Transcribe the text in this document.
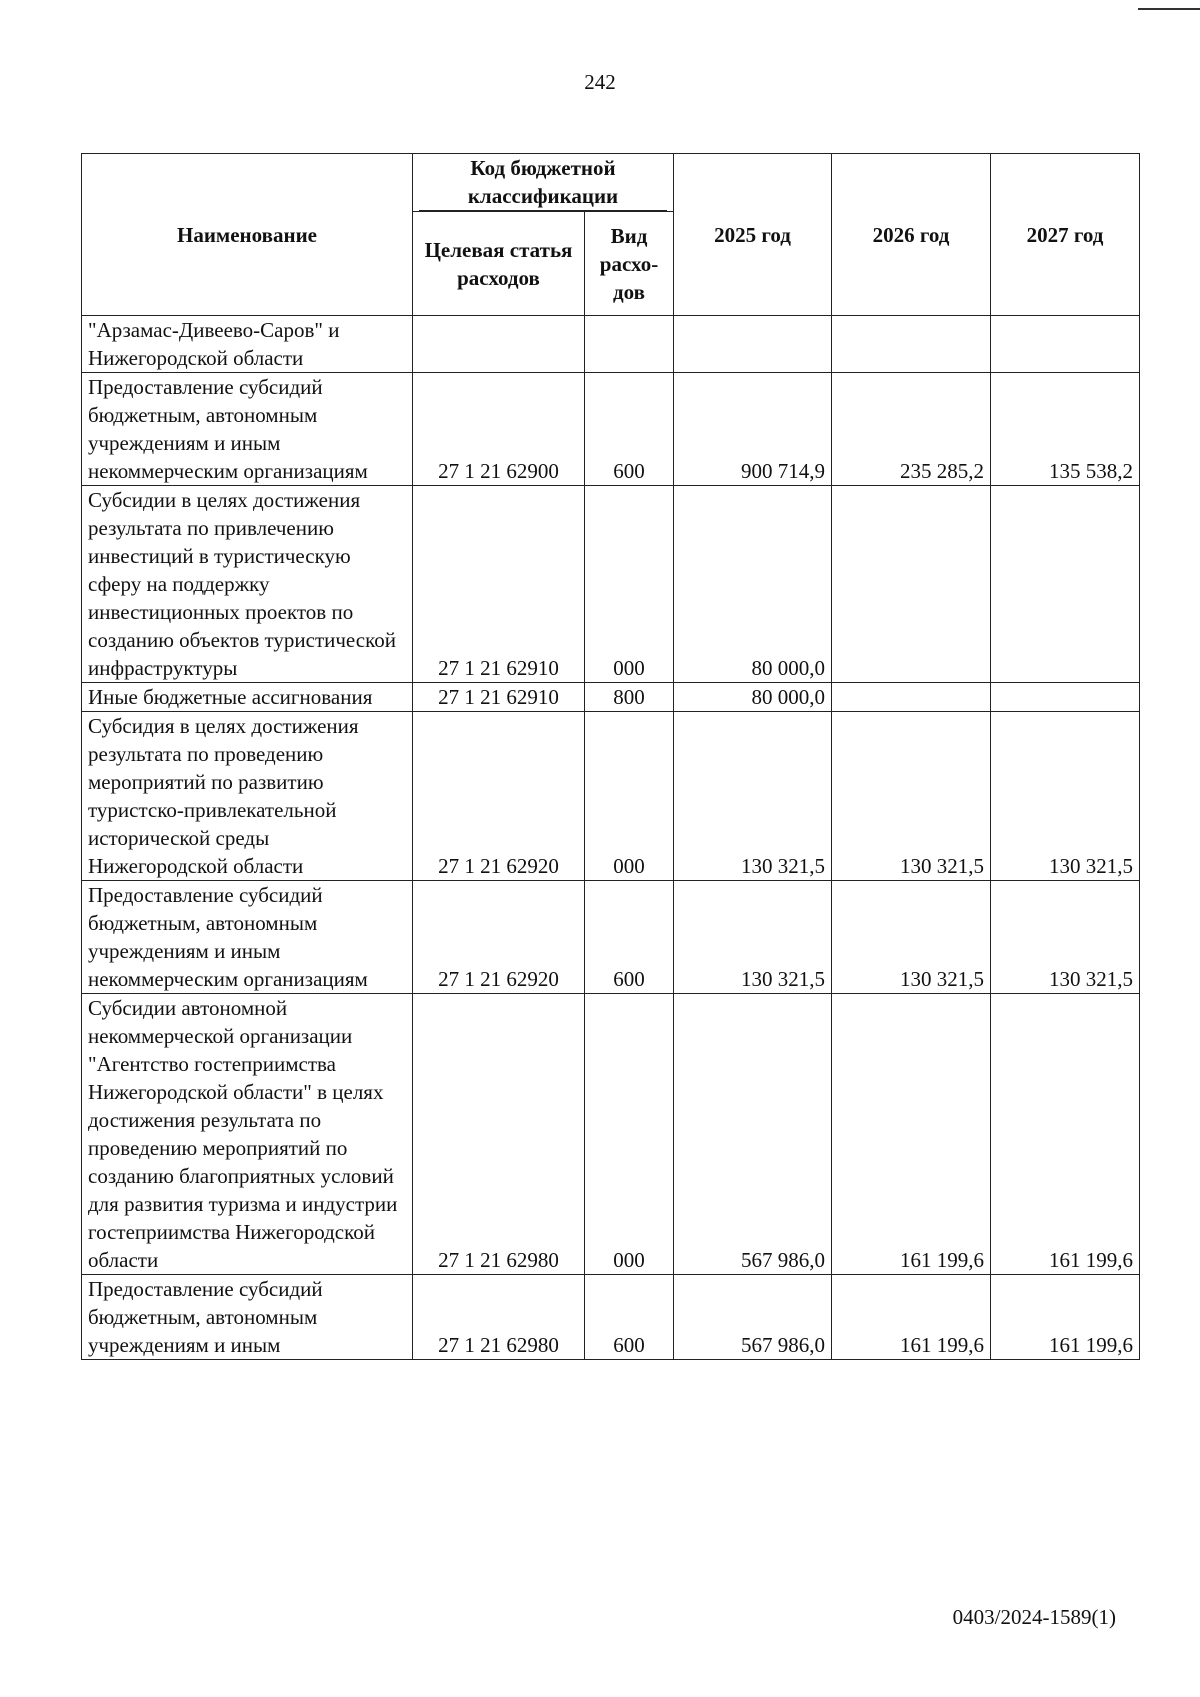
242
Наименование	Код бюджетной классификации		2025 год	2026 год	2027 год
	Целевая статья расходов	Вид расхо-дов			
"Арзамас-Дивеево-Саров" и Нижегородской области					
Предоставление субсидий бюджетным, автономным учреждениям и иным некоммерческим организациям	27 1 21 62900	600	900 714,9	235 285,2	135 538,2
Субсидии в целях достижения результата по привлечению инвестиций в туристическую сферу на поддержку инвестиционных проектов по созданию объектов туристической инфраструктуры	27 1 21 62910	000	80 000,0		
Иные бюджетные ассигнования	27 1 21 62910	800	80 000,0		
Субсидия в целях достижения результата по проведению мероприятий по развитию туристско-привлекательной исторической среды Нижегородской области	27 1 21 62920	000	130 321,5	130 321,5	130 321,5
Предоставление субсидий бюджетным, автономным учреждениям и иным некоммерческим организациям	27 1 21 62920	600	130 321,5	130 321,5	130 321,5
Субсидии автономной некоммерческой организации "Агентство гостеприимства Нижегородской области" в целях достижения результата по проведению мероприятий по созданию благоприятных условий для развития туризма и индустрии гостеприимства Нижегородской области	27 1 21 62980	000	567 986,0	161 199,6	161 199,6
Предоставление субсидий бюджетным, автономным учреждениям и иным	27 1 21 62980	600	567 986,0	161 199,6	161 199,6
0403/2024-1589(1)
